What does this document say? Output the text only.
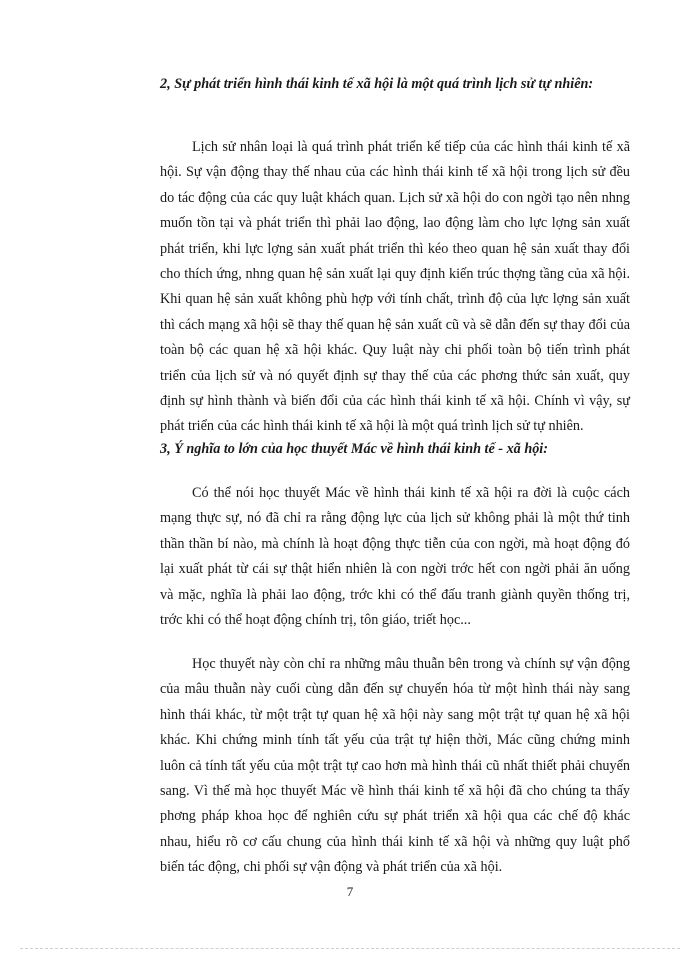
2, Sự phát triển hình thái kinh tế xã hội là một quá trình lịch sử tự nhiên:

Lịch sử nhân loại là quá trình phát triển kế tiếp của các hình thái kinh tế xã hội. Sự vận động thay thế nhau của các hình thái kinh tế xã hội trong lịch sử đều do tác động của các quy luật khách quan. Lịch sử xã hội do con ngời tạo nên nhng muốn tồn tại và phát triển thì phải lao động, lao động làm cho lực lợng sản xuất phát triển, khi lực lợng sản xuất phát triển thì kéo theo quan hệ sản xuất thay đổi cho thích ứng, nhng quan hệ sản xuất lại quy định kiến trúc thợng tầng của xã hội. Khi quan hệ sản xuất không phù hợp với tính chất, trình độ của lực lợng sản xuất thì cách mạng xã hội sẽ thay thế quan hệ sản xuất cũ và sẽ dẫn đến sự thay đổi của toàn bộ các quan hệ xã hội khác. Quy luật này chi phối toàn bộ tiến trình phát triển của lịch sử và nó quyết định sự thay thế của các phơng thức sản xuất, quy định sự hình thành và biến đổi của các hình thái kinh tế xã hội. Chính vì vậy, sự phát triển của các hình thái kinh tế xã hội là một quá trình lịch sử tự nhiên.

3, Ý nghĩa to lớn của học thuyết Mác về hình thái kinh tế - xã hội:

Có thể nói học thuyết Mác về hình thái kinh tế xã hội ra đời là cuộc cách mạng thực sự, nó đã chỉ ra rằng động lực của lịch sử không phải là một thứ tinh thần thần bí nào, mà chính là hoạt động thực tiễn của con ngời, mà hoạt động đó lại xuất phát từ cái sự thật hiển nhiên là con ngời trớc hết con ngời phải ăn uống và mặc, nghĩa là phải lao động, trớc khi có thể đấu tranh giành quyền thống trị, trớc khi có thể hoạt động chính trị, tôn giáo, triết học...

Học thuyết này còn chỉ ra những mâu thuẫn bên trong và chính sự vận động của mâu thuẫn này cuối cùng dẫn đến sự chuyển hóa từ một hình thái này sang hình thái khác, từ một trật tự quan hệ xã hội này sang một trật tự quan hệ xã hội khác. Khi chứng minh tính tất yếu của trật tự hiện thời, Mác cũng chứng minh luôn cả tính tất yếu của một trật tự cao hơn mà hình thái cũ nhất thiết phải chuyển sang. Vì thế mà học thuyết Mác về hình thái kinh tế xã hội đã cho chúng ta thấy phơng pháp khoa học để nghiên cứu sự phát triển xã hội qua các chế độ khác nhau, hiểu rõ cơ cấu chung của hình thái kinh tế xã hội và những quy luật phổ biến tác động, chi phối sự vận động và phát triển của xã hội.

7
